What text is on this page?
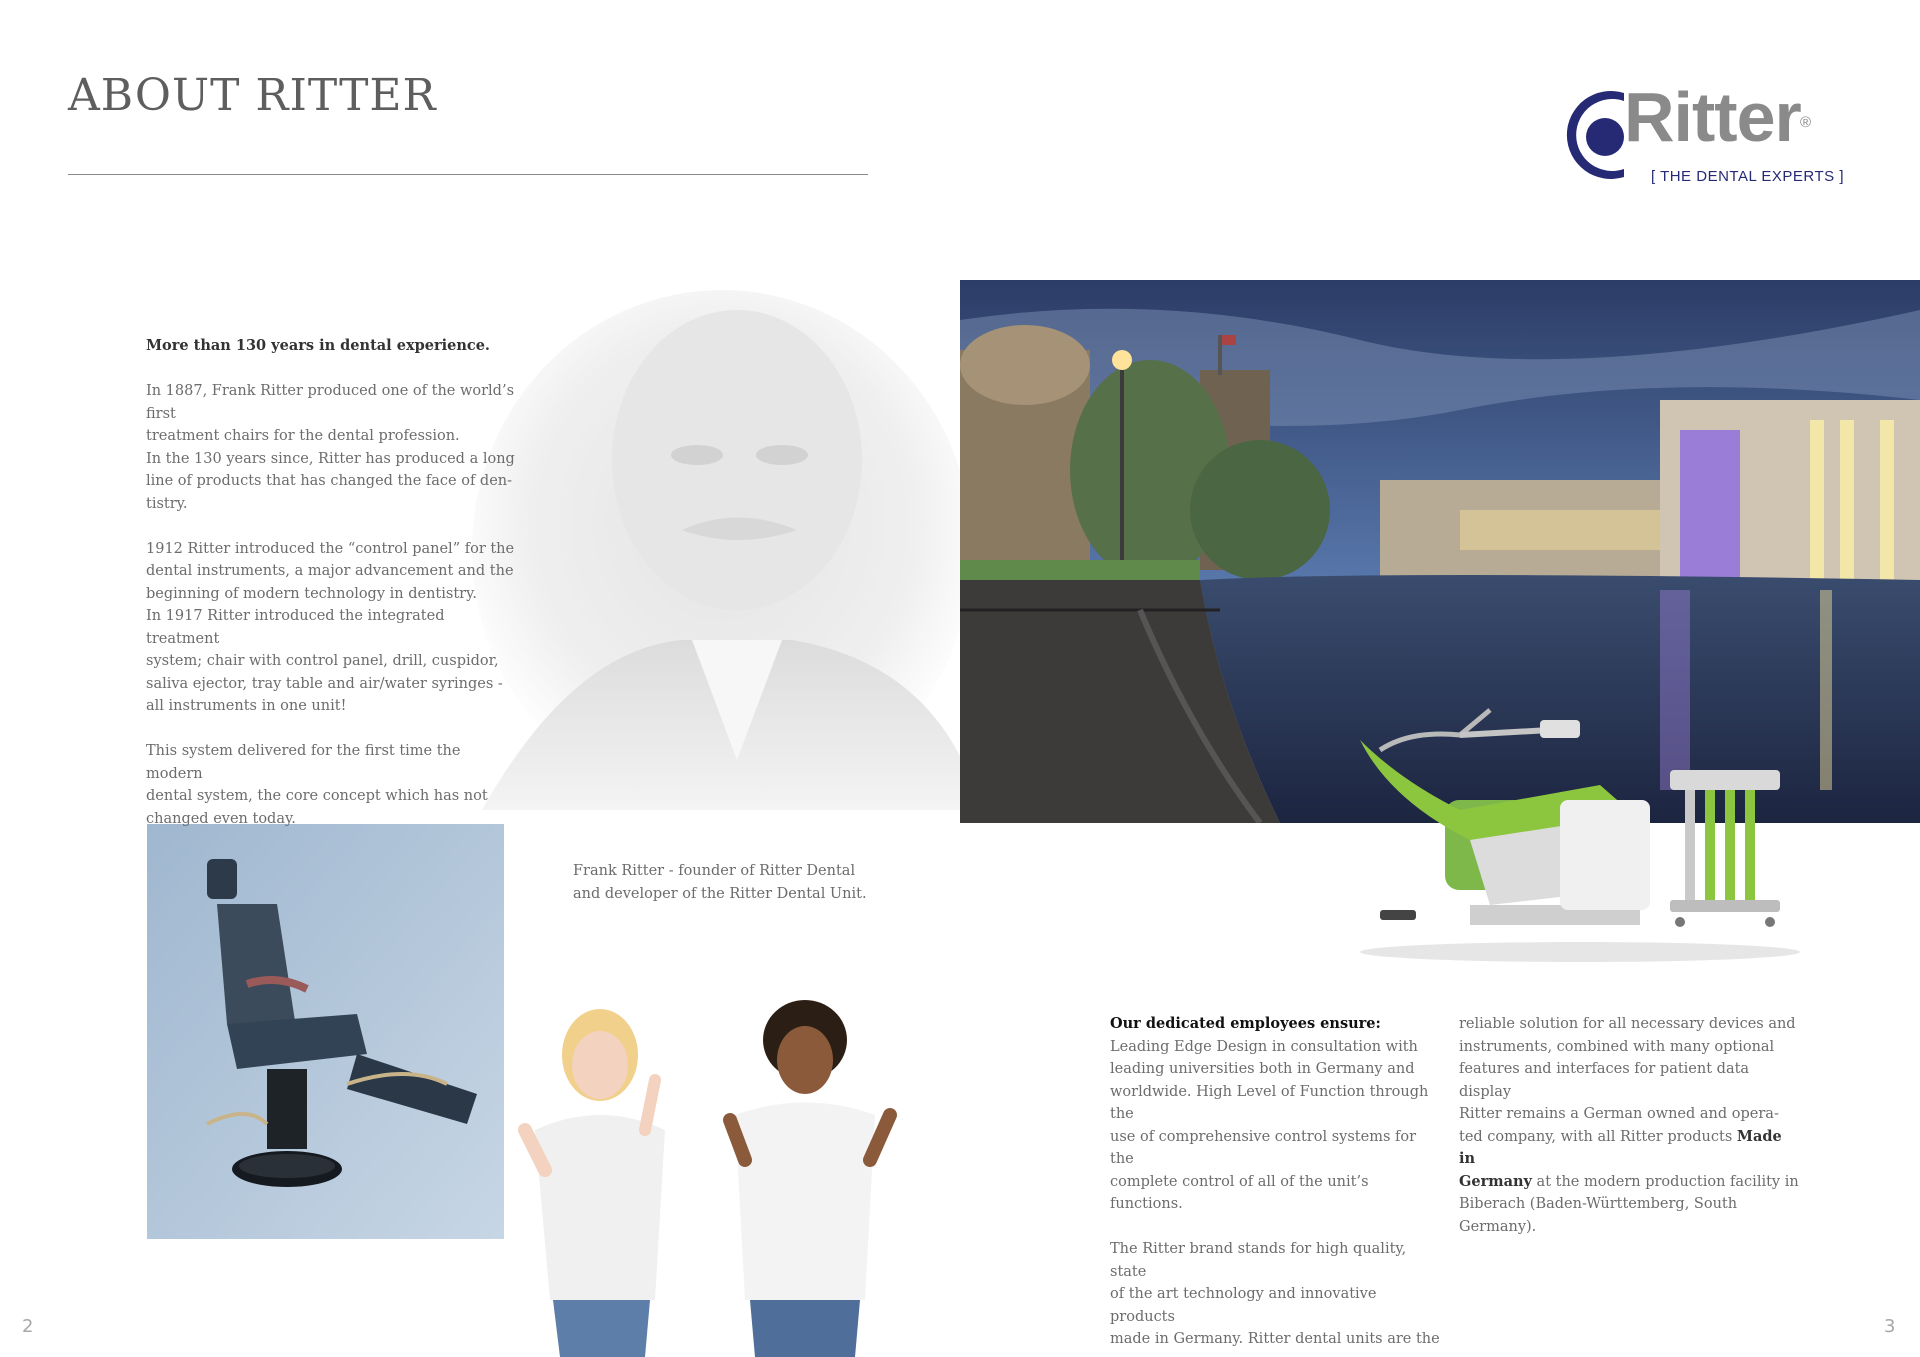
ABOUT RITTER	Ritter ®
[ THE DENTAL EXPERTS ]

More than 130 years in dental experience.

In 1887, Frank Ritter produced one of the world’s first

treatment chairs for the dental profession.

In the 130 years since, Ritter has produced a long

line of products that has changed the face of den-

tistry.

1912 Ritter introduced the “control panel” for the

dental instruments, a major advancement and the

beginning of modern technology in dentistry.

In 1917 Ritter introduced the integrated treatment

system; chair with control panel, drill, cuspidor,

saliva ejector, tray table and air/water syringes -

all instruments in one unit!

This system delivered for the first time the modern

dental system, the core concept which has not

changed even today.

Frank Ritter - founder of Ritter Dental

and developer of the Ritter Dental Unit.

Our dedicated employees ensure:

Leading Edge Design in consultation with

leading universities both in Germany and

worldwide. High Level of Function through the

use of comprehensive control systems for the

complete control of all of the unit’s functions.

The Ritter brand stands for high quality, state

of the art technology and innovative products

made in Germany. Ritter dental units are the

reliable solution for all necessary devices and

instruments, combined with many optional

features and interfaces for patient data display

Ritter remains a German owned and opera-

ted company, with all Ritter products Made in

Germany at the modern production facility in

Biberach (Baden-Württemberg, South Germany).

2	3
